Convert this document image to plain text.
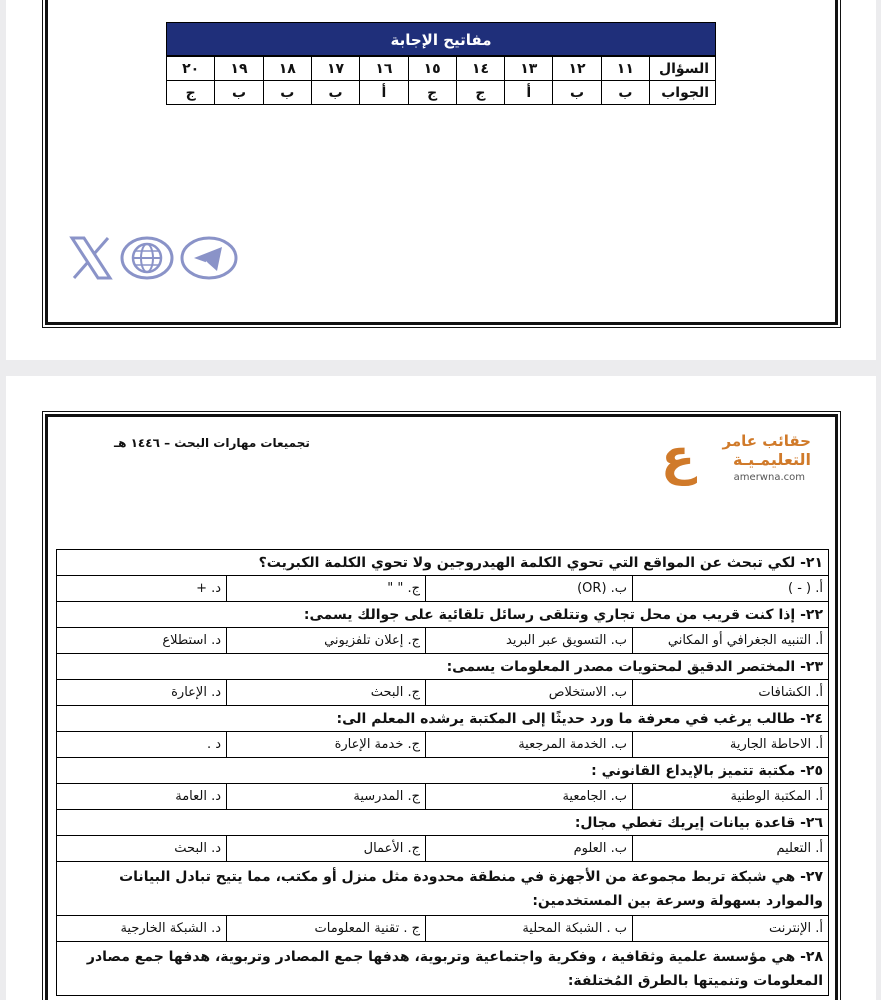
مفاتيح الإجابة
السؤال	١١	١٢	١٣	١٤	١٥	١٦	١٧	١٨	١٩	٢٠
الجواب	ب	ب	أ	ج	ج	أ	ب	ب	ب	ج
ع حقائب عامر
التعليمـيـة
amerwna.com
تجميعات مهارات البحث – ١٤٤٦ هـ
٢١- لكي تبحث عن المواقع التي تحوي الكلمة الهيدروجين ولا تحوي الكلمة الكبريت؟			
أ. ( - )	ب. (OR)	ج. " "	د. +
٢٢- إذا كنت قريب من محل تجاري وتتلقى رسائل تلقائية على جوالك يسمى:			
أ. التنبيه الجغرافي أو المكاني	ب. التسويق عبر البريد	ج. إعلان تلفزيوني	د. استطلاع
٢٣- المختصر الدقيق لمحتويات مصدر المعلومات يسمى:			
أ. الكشافات	ب. الاستخلاص	ج. البحث	د. الإعارة
٢٤- طالب يرغب في معرفة ما ورد حديثًا إلى المكتبة يرشده المعلم الى:			
أ. الاحاطة الجارية	ب. الخدمة المرجعية	ج. خدمة الإعارة	د .
٢٥- مكتبة تتميز بالإيداع القانوني :			
أ. المكتبة الوطنية	ب. الجامعية	ج. المدرسية	د. العامة
٢٦- قاعدة بيانات إيريك تغطي مجال:			
أ. التعليم	ب. العلوم	ج. الأعمال	د. البحث
٢٧- هي شبكة تربط مجموعة من الأجهزة في منطقة محدودة مثل منزل أو مكتب، مما يتيح تبادل البيانات والموارد بسهولة وسرعة بين المستخدمين:			
أ. الإنترنت	ب . الشبكة المحلية	ج . تقنية المعلومات	د. الشبكة الخارجية
٢٨- هي مؤسسة علمية وثقافية ، وفكرية واجتماعية وتربوية، هدفها جمع المصادر وتربوية، هدفها جمع مصادر المعلومات وتنميتها بالطرق المُختلفة:			
